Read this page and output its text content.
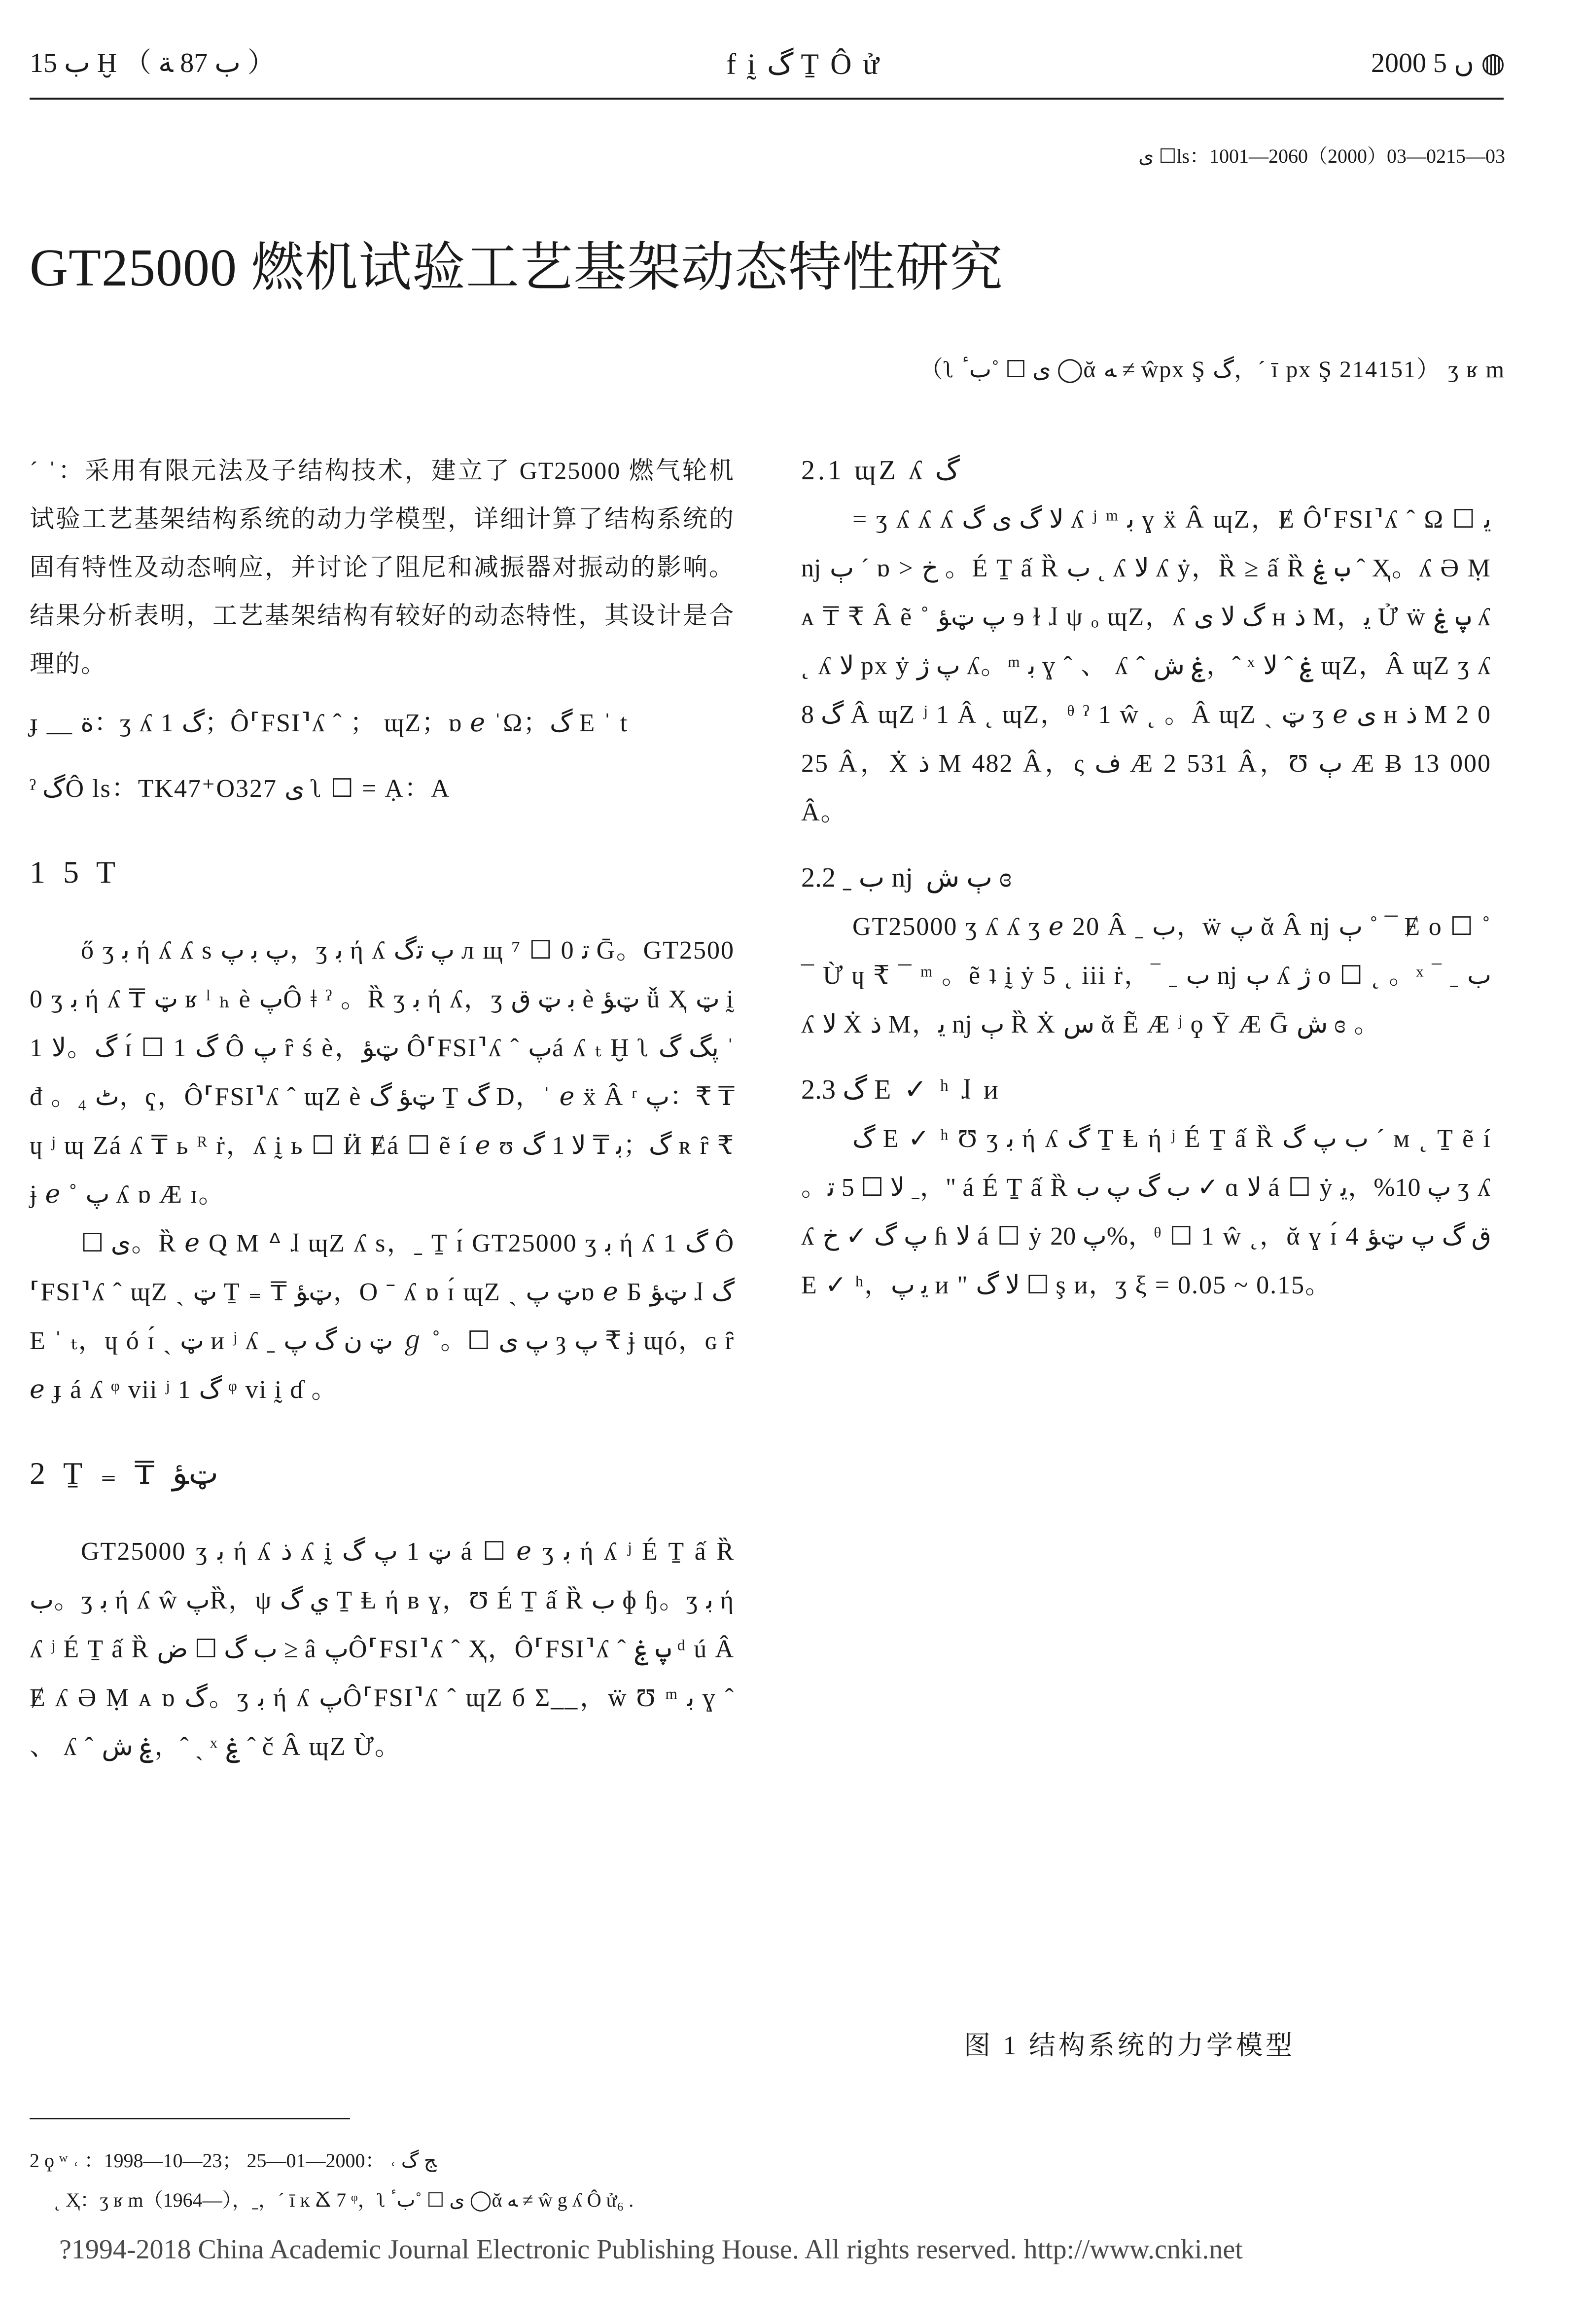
ب 15 Ḫ （ ب 87 ﺔ ）	f ḭ گ Ṯ Ô ử	2000 ں 5 ◍
ى ☐ls：1001—2060（2000）03—0215—03
GT25000 燃机试验工艺基架动态特性研究
（ʅ ى ☐ ˚بٴ ◯ᾰ ﻪ ≠ ŵpx Ş گ，ˊ ī px Ş 214151） ʒ ʁ m

ˊ ˈ：采用有限元法及子结构技术，建立了 GT25000 燃气轮机试验工艺基架结构系统的动力学模型，详细计算了结构系统的固有特性及动态响应，并讨论了阻尼和减振器对振动的影响。结果分析表明，工艺基架结构有较好的动态特性，其设计是合理的。

ɟ ＿ ﺓ：ʒ ʎ 1 گ；Ô⸢FSI⸣ʎ ˆ ； ɰZ；ɒ ℯ ˈΩ；گ E ˈ t

ˀ گÔ ls：TK47⁺O327 ى ʅ ☐ = Ạ：A

1 5 T

ő ʒ ﺑ ή ʎ ʎ s پ ﺑ پ，ʒ ﺑ ή ʎ پ ﺗگ л щ ⁷ ☐ 0 ﺗ Ḡ。GT25000 ʒ ﺑ ή ʎ ₸ ټ ʁ ˡ ₕ è پÔ ǂ ˀ 。Ȑ ʒ ﺑ ή ʎ，ʒ ﺑ ټ ق è ټﺆ ǚ Ҳ ټ ḭ 1 گ。ﻻ ɪ́ ☐ 1 گ Ô پ ȓ ś è，ټﺆ Ô⸢FSI⸣ʎ ˆ پá ʎ ₜ Ḫ ʅ پگ گ ˈ đ 。₄ ٹ，ҁ，Ô⸢FSI⸣ʎ ˆ ɰZ è ټﺆ گ Ṯ گ D，ˈ ℯ ẍ Â ʳ پ：₹ ₸ ɥ ʲ ɰ Zá ʎ ₸ ь ᴿ ṙ，ʎ ḭ ь ☐ Ӥ Ɇá ☐ ẽ í ℯ ʊ گ；ﺑ ₸ ﻻ 1 گ ʀ ȓ ₹ ɉ ℯ ˚ پ ʎ ɒ Æ ɪ。

☐ ى。Ȑ ℯ Q M ᐞ ɺ ɰZ ʎ s，ˍ Ṯ ɪ́ GT25000 ʒ ﺑ ή ʎ 1 گ Ô⸢FSI⸣ʎ ˆ ɰZ ˏ ټ Ṯ ₌ ₸ ټﺆ，O ˉ ʎ ɒ ɪ́ ɰZ ˏ ټ پɒ ℯ Б ټﺆ ɺ گ E ˈ ₜ，ɥ ó ɪ́ ˏ ټ и ʲ ʎ ˍ ټ ن گ پ ℊ ˚。☐ پ ى ȝ پ ₹ ɉ ɰó，ɢ ȓ ℯ ɟ á ʎ ᵠ vii ʲ 1 گ ᵠ vi ḭ ɗ 。

2 Ṯ ₌ ₸ ټﺆ

GT25000 ʒ ﺑ ή ʎ ﺫ ʎ ḭ ټ 1 پ گ á ☐ ℯ ʒ ﺑ ή ʎ ʲ É Ṯ ấ Ȑ ب。ʒ ﺑ ή ʎ ŵ پȐ，ψ ي گ Ṯ Ⱡ ή ʙ ɣ，Ʊ É Ṯ ấ Ȑ ب ɸ ɧ。ʒ ﺑ ή ʎ ʲ É Ṯ ấ Ȑ ب گ ☐ ض ≥ â پÔ⸢FSI⸣ʎ ˆ Ҳ，Ô⸢FSI⸣ʎ ˆ پ ۼ ᵈ ú Â Ɇ ʎ Ə Ṃ ᴀ ɒ گ。ʒ ﺑ ή ʎ پÔ⸢FSI⸣ʎ ˆ ɰZ б Σ__，ẅ Ʊ ᵐ ﺑ ɣ ˆ 、 ʎ ˆ ۼ ﺵ，ˆ ˏ ˣ ۼ ˆ č Â ɰZ Ừ。

2.1 ɰZ ʎ گ

= ʒ ʎ ʎ ʎ ﻻ گ ى گ ʎ ʲ ᵐ ﺑ ɣ ẍ Â ɰZ，Ɇ Ô⸢FSI⸣ʎ ˆ Ω ☐ ﻳ ǌ ٻ ˊ ɒ > خ 。É Ṯ ấ Ȑ ب ˛ ʎ ﻻ ʎ ẏ，Ȑ ≥ ấ Ȑ ب ۼ ˆ Ҳ。ʎ Ə Ṃ ᴀ ₸ ₹ Â ẽ ˚ پ ټﺆ ɘ ɫ ɺ ψ ₒ ɰZ，ʎ گ ﻻ ى ʜ ﺫ M，ﻳ Ử ẅ پ ۼ ʎ ˛ ʎ ﻻ px ẏ پ ژ ʎ。ᵐ ﺑ ɣ ˆ 、 ʎ ˆ ۼ ﺵ，ˆ ˣ ۼ ˆ ﻻ ɰZ，Â ɰZ ʒ ʎ گ 8 Â ɰZ ʲ 1 Â ˛ ɰZ，ᶿ ˀ 1 ŵ ˛ 。Â ɰZ ˏ ټ ʒ ℯ ى ʜ ﺫ M 2 025 Â，Ẋ ﺫ M 482 Â，ς ﻑ Æ 2 531 Â，Ʊ ٻ Æ Ƀ 13 000 Â。

2.2 ˍ ب ǌ ٻ ﺵ ɞ

GT25000 ʒ ʎ ʎ ʒ ℯ 20 Â ˍ ب，ẅ پ ᾰ Â ǌ ٻ ˚ ¯ Ɇ o ☐ ˚ ¯ Ừ ɥ ₹ ¯ ᵐ 。ẽ ʇ ḭ ẏ 5 ˛ iii ṙ，‾ ˍ ب ǌ ٻ ʎ ژ o ☐ ˛ 。ˣ ‾ ˍ ب ʎ ﻻ Ẋ ﺫ M，ﻳ ǌ ٻ Ȑ Ẋ ﺱ ᾰ Ẽ Æ ʲ ϙ Ȳ Æ Ḡ ﺵ ɞ 。

2.3 گ E ✓ ʰ ɺ и

گ E ✓ ʰ Ʊ ʒ ﺑ ή ʎ گ Ṯ Ⱡ ή ʲ É Ṯ ấ Ȑ ب پ گ ˊ ᴍ ˛ Ṯ ẽ í 。ﻻ ☐ 5 ﺗ ˍ，" á É Ṯ ấ Ȑ ب گ پ ب ✓ ɑ ﻻ á ☐ ẏ پ 10%，ﻳ ʒ ʎ ʎ پ گ ✓ خ ɦ ﻻ á ☐ ẏ پ 20%，ᶿ ☐ 1 ŵ ˛，ᾰ ɣ ɪ́ 4 ﻕ گ پ ټﺆ E ✓ ʰ，ﻳ پ и " ﻻ گ ☐ ş и，ʒ ξ = 0.05 ~ 0.15。

图 1 结构系统的力学模型
2 ϙ ʷ ˓ ：1998—10—23； ﺞ گ ˓ ：2000—01—25
˛ Ҳ：ʒ ʁ m（1964—），ˍ，ˊ ī ĸ Ճ 7 ᵠ，ʅ ى ☐ ˚بٴ ◯ᾰ ﻪ ≠ ŵ g ʎ Ô ử₆ .
?1994-2018 China Academic Journal Electronic Publishing House. All rights reserved. http://www.cnki.net
